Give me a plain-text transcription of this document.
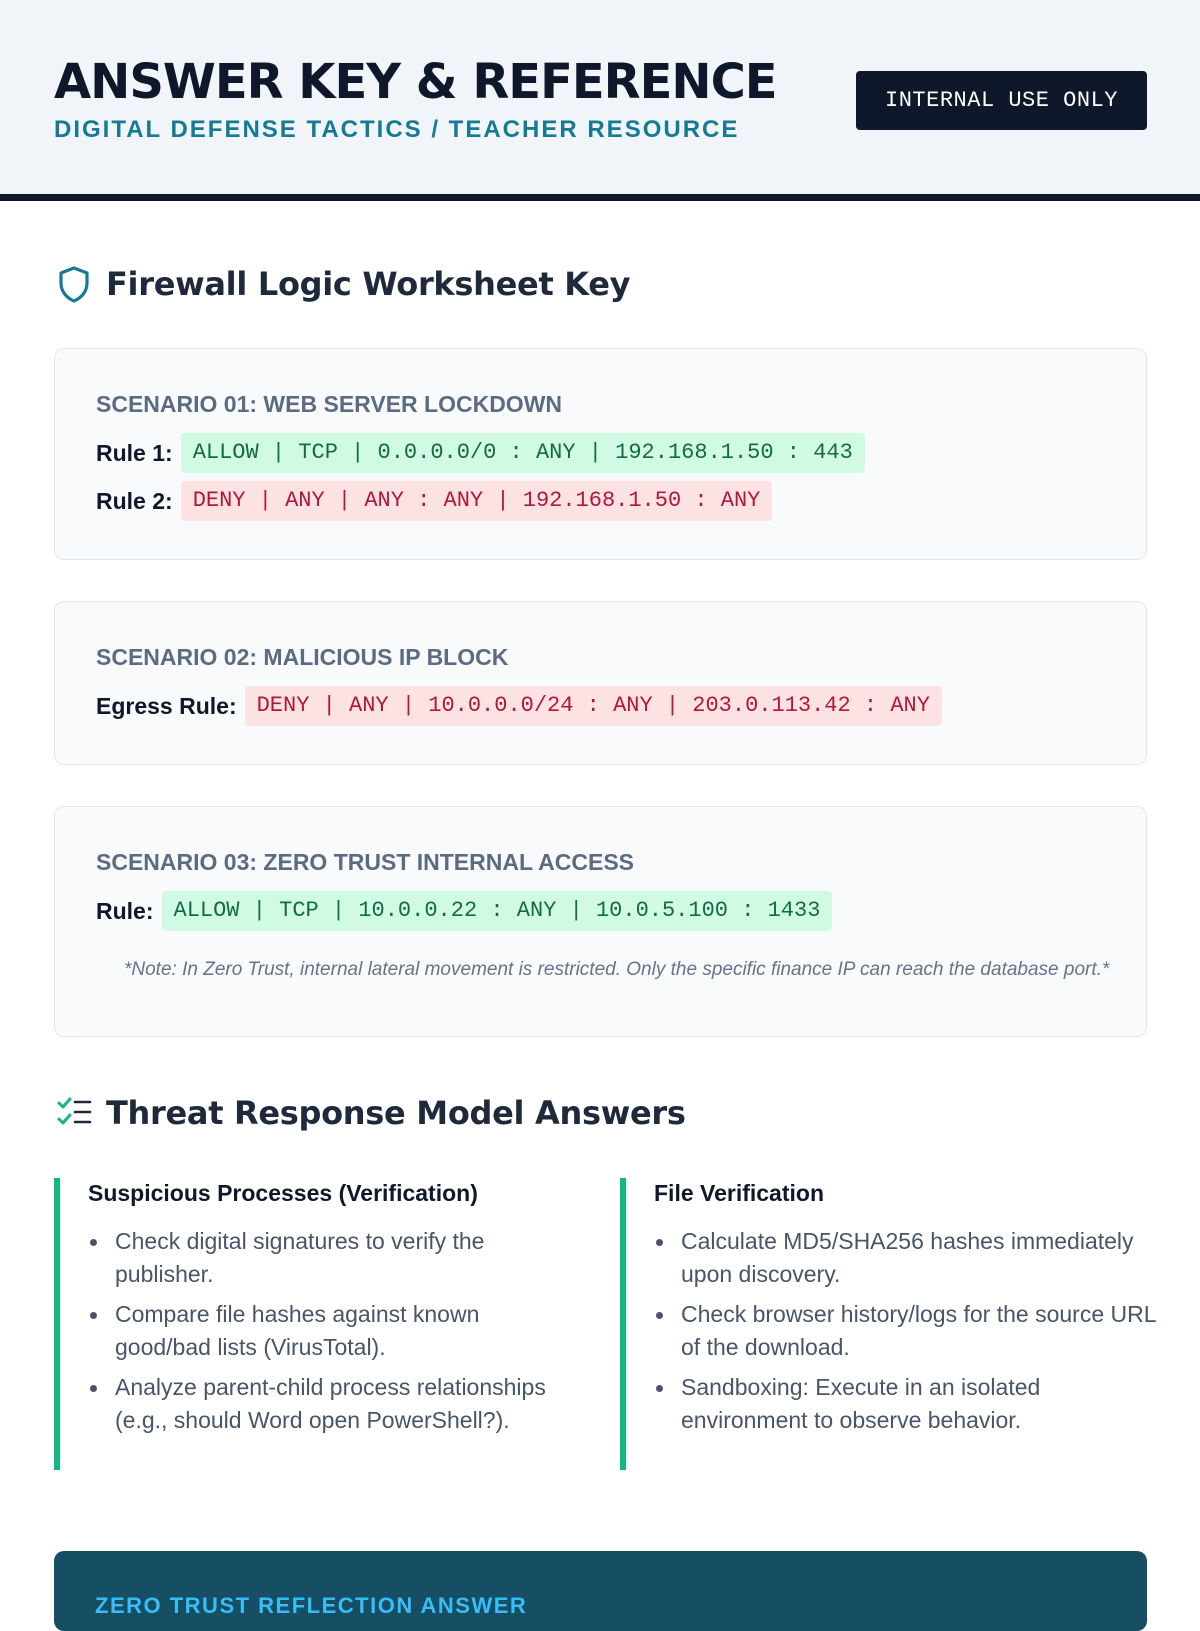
ANSWER KEY & REFERENCE
DIGITAL DEFENSE TACTICS / TEACHER RESOURCE
INTERNAL USE ONLY
Firewall Logic Worksheet Key
SCENARIO 01: WEB SERVER LOCKDOWN
Rule 1: ALLOW | TCP | 0.0.0.0/0 : ANY | 192.168.1.50 : 443
Rule 2: DENY | ANY | ANY : ANY | 192.168.1.50 : ANY
SCENARIO 02: MALICIOUS IP BLOCK
Egress Rule: DENY | ANY | 10.0.0.0/24 : ANY | 203.0.113.42 : ANY
SCENARIO 03: ZERO TRUST INTERNAL ACCESS
Rule: ALLOW | TCP | 10.0.0.22 : ANY | 10.0.5.100 : 1433
*Note: In Zero Trust, internal lateral movement is restricted. Only the specific finance IP can reach the database port.*
Threat Response Model Answers
Suspicious Processes (Verification)
Check digital signatures to verify the publisher.
Compare file hashes against known good/bad lists (VirusTotal).
Analyze parent-child process relationships (e.g., should Word open PowerShell?).
File Verification
Calculate MD5/SHA256 hashes immediately upon discovery.
Check browser history/logs for the source URL of the download.
Sandboxing: Execute in an isolated environment to observe behavior.
ZERO TRUST REFLECTION ANSWER
